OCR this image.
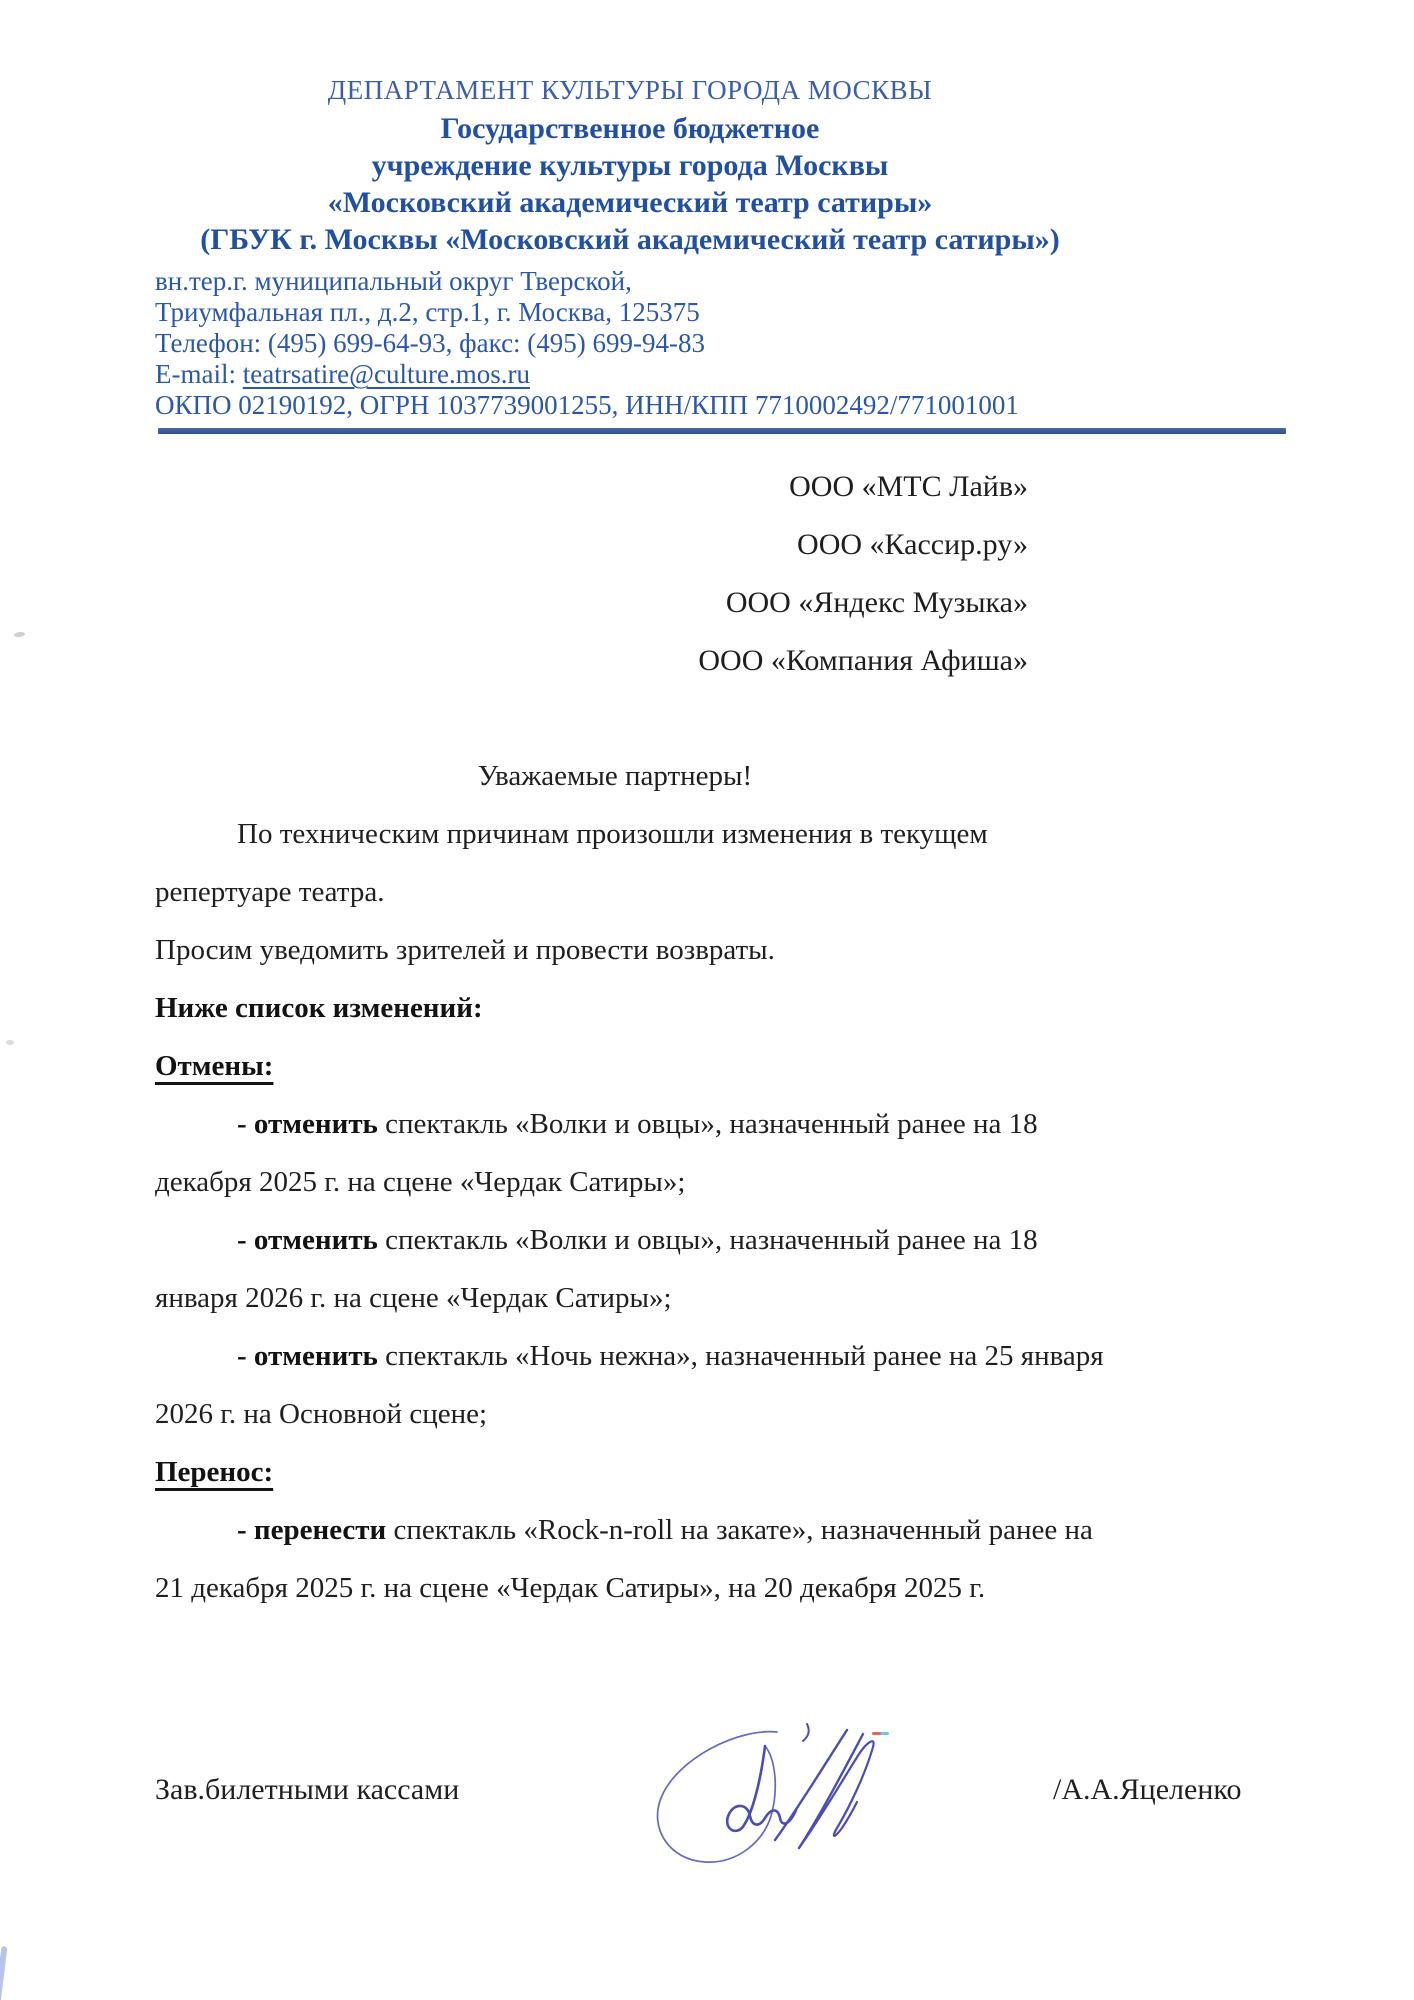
ДЕПАРТАМЕНТ КУЛЬТУРЫ ГОРОДА МОСКВЫ
Государственное бюджетное
учреждение культуры города Москвы
«Московский академический театр сатиры»
(ГБУК г. Москвы «Московский академический театр сатиры»)
вн.тер.г. муниципальный округ Тверской,
Триумфальная пл., д.2, стр.1, г. Москва, 125375
Телефон: (495) 699-64-93, факс: (495) 699-94-83
E-mail: teatrsatire@culture.mos.ru
ОКПО 02190192, ОГРН 1037739001255, ИНН/КПП 7710002492/771001001
ООО «МТС Лайв»
ООО «Кассир.ру»
ООО «Яндекс Музыка»
ООО «Компания Афиша»
Уважаемые партнеры!
По техническим причинам произошли изменения в текущем
репертуаре театра.
Просим уведомить зрителей и провести возвраты.
Ниже список изменений:
Отмены:
- отменить спектакль «Волки и овцы», назначенный ранее на 18
декабря 2025 г. на сцене «Чердак Сатиры»;
- отменить спектакль «Волки и овцы», назначенный ранее на 18
января 2026 г. на сцене «Чердак Сатиры»;
- отменить спектакль «Ночь нежна», назначенный ранее на 25 января
2026 г. на Основной сцене;
Перенос:
- перенести спектакль «Rock-n-roll на закате», назначенный ранее на
21 декабря 2025 г. на сцене «Чердак Сатиры», на 20 декабря 2025 г.
Зав.билетными кассами	/А.А.Яцеленко
